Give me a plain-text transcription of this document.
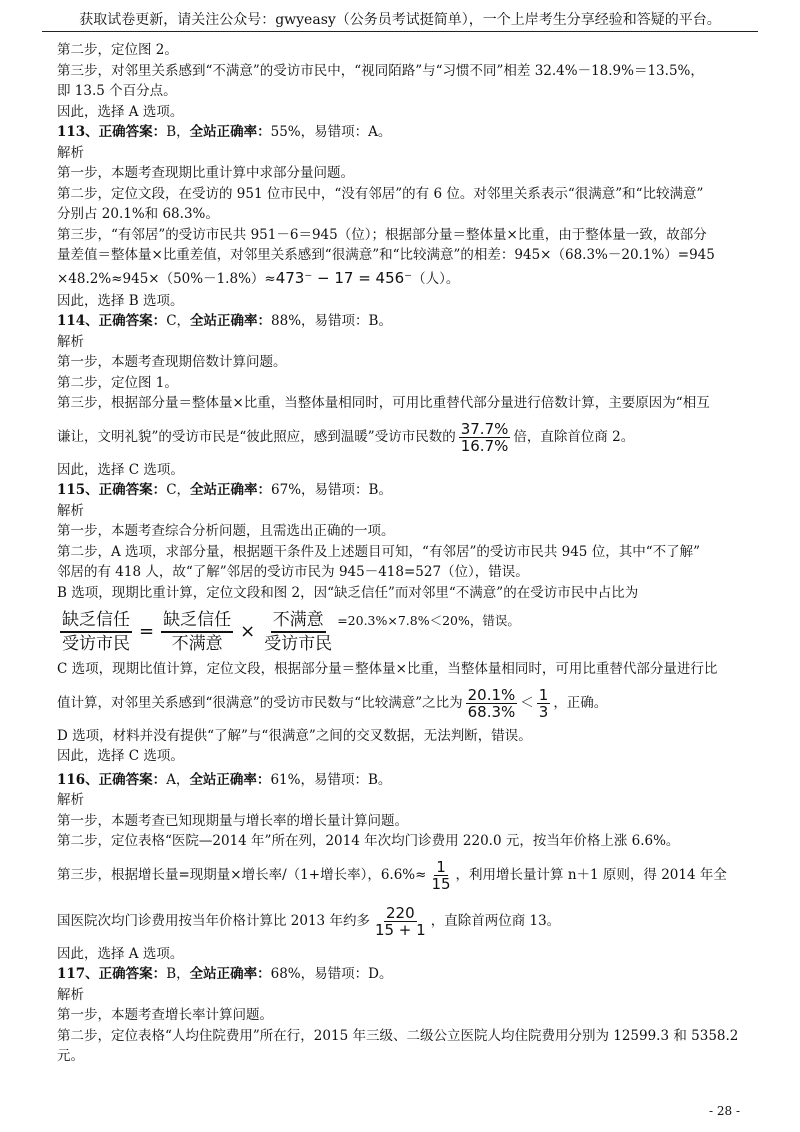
获取试卷更新，请关注公众号：gwyeasy（公务员考试挺简单），一个上岸考生分享经验和答疑的平台。

第二步，定位图 2。

第三步，对邻里关系感到“不满意”的受访市民中，“视同陌路”与“习惯不同”相差 32.4%－18.9%＝13.5%，

即 13.5 个百分点。

因此，选择 A 选项。

113、正确答案：B，全站正确率：55%，易错项：A。

解析

第一步，本题考查现期比重计算中求部分量问题。

第二步，定位文段，在受访的 951 位市民中，“没有邻居”的有 6 位。对邻里关系表示“很满意”和“比较满意”

分别占 20.1%和 68.3%。

第三步，“有邻居”的受访市民共 951－6＝945（位）；根据部分量＝整体量×比重，由于整体量一致，故部分

量差值＝整体量×比重差值，对邻里关系感到“很满意”和“比较满意”的相差：945×（68.3%－20.1%）=945

×48.2%≈945×（50%－1.8%）≈473⁻ − 17 = 456⁻（人）。

因此，选择 B 选项。

114、正确答案：C，全站正确率：88%，易错项：B。

解析

第一步，本题考查现期倍数计算问题。

第二步，定位图 1。

第三步，根据部分量＝整体量×比重，当整体量相同时，可用比重替代部分量进行倍数计算，主要原因为“相互

谦让，文明礼貌”的受访市民是“彼此照应，感到温暖”受访市民数的 $\frac{37.7\%}{16.7\%}$ 倍，直除首位商 2。

因此，选择 C 选项。

115、正确答案：C，全站正确率：67%，易错项：B。

解析

第一步，本题考查综合分析问题，且需选出正确的一项。

第二步，A 选项，求部分量，根据题干条件及上述题目可知，“有邻居”的受访市民共 945 位，其中“不了解”

邻居的有 418 人，故“了解”邻居的受访市民为 945－418=527（位），错误。

B 选项，现期比重计算，定位文段和图 2，因“缺乏信任”而对邻里“不满意”的在受访市民中占比为

$\frac{\text{缺乏信任}}{\text{受访市民}} = \frac{\text{缺乏信任}}{\text{不满意}} \times \frac{\text{不满意}}{\text{受访市民}} =20.3\%\times 7.8\%<20\%$，错误。

C 选项，现期比值计算，定位文段，根据部分量＝整体量×比重，当整体量相同时，可用比重替代部分量进行比

值计算，对邻里关系感到“很满意”的受访市民数与“比较满意”之比为 $\frac{20.1\%}{68.3\%} < \frac{1}{3}$ ，正确。

D 选项，材料并没有提供“了解”与“很满意”之间的交叉数据，无法判断，错误。

因此，选择 C 选项。

116、正确答案：A，全站正确率：61%，易错项：B。

解析

第一步，本题考查已知现期量与增长率的增长量计算问题。

第二步，定位表格“医院—2014 年”所在列，2014 年次均门诊费用 220.0 元，按当年价格上涨 6.6%。

第三步，根据增长量=现期量×增长率/（1+增长率），$6.6\%\approx \frac{1}{15}$ ，利用增长量计算 n＋1 原则，得 2014 年全

国医院次均门诊费用按当年价格计算比 2013 年约多 $\frac{220}{15 + 1}$ ，直除首两位商 13。

因此，选择 A 选项。

117、正确答案：B，全站正确率：68%，易错项：D。

解析

第一步，本题考查增长率计算问题。

第二步，定位表格“人均住院费用”所在行，2015 年三级、二级公立医院人均住院费用分别为 12599.3 和 5358.2

元。

- 28 -
